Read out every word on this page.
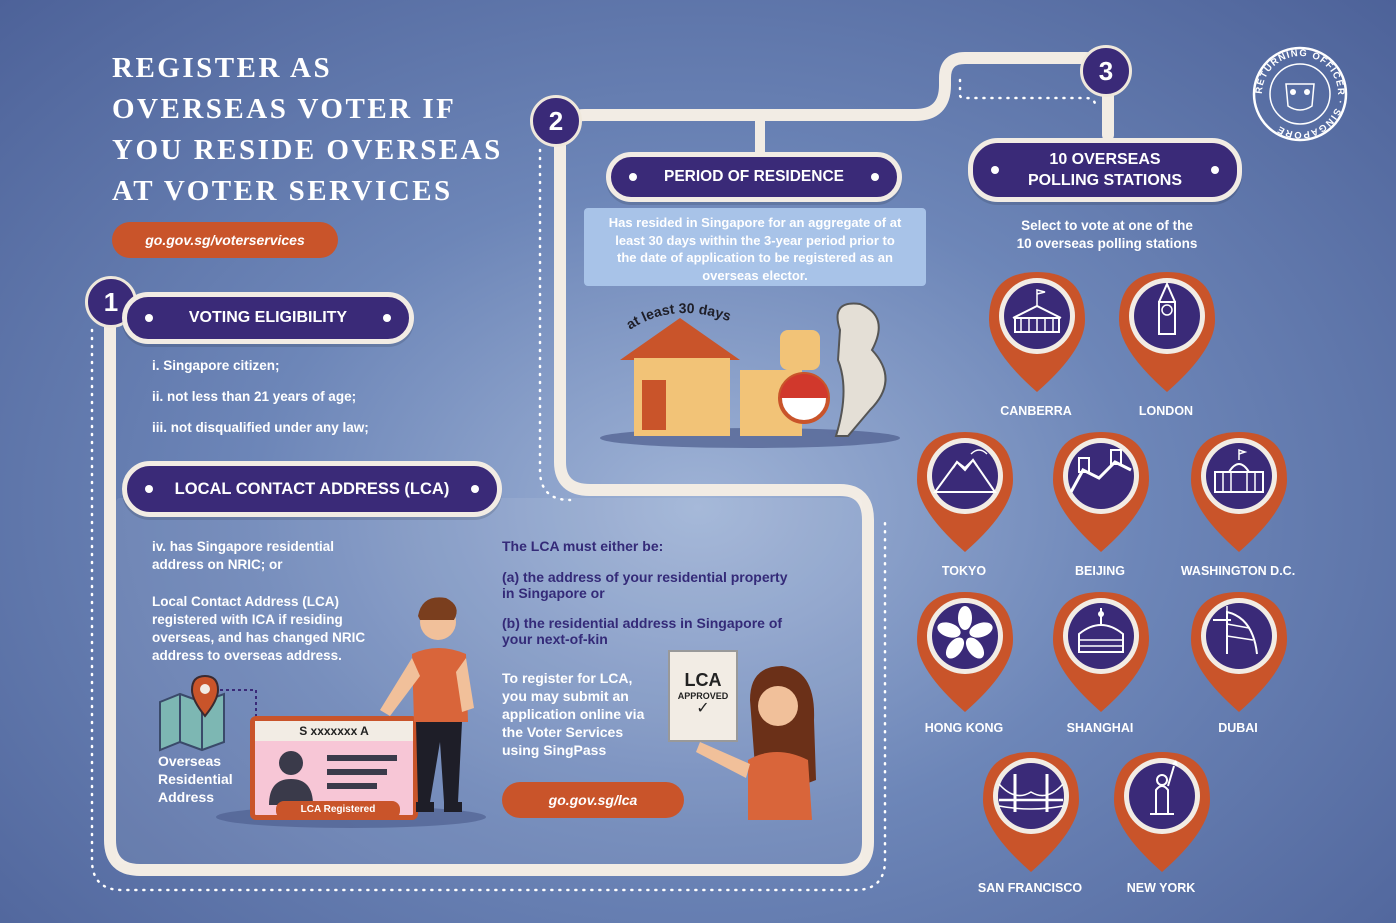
REGISTER AS
OVERSEAS VOTER IF
YOU RESIDE OVERSEAS
AT VOTER SERVICES
go.gov.sg/voterservices
RETURNING OFFICER · SINGAPORE
1
VOTING ELIGIBILITY
i. Singapore citizen;
ii. not less than 21 years of age;
iii. not disqualified under any law;
LOCAL CONTACT ADDRESS (LCA)
iv. has Singapore residential
address on NRIC; or
Local Contact Address (LCA)
registered with ICA if residing
overseas, and has changed NRIC
address to overseas address.
Overseas
Residential
Address
S xxxxxxx A
LCA Registered
The LCA must either be:
(a) the address of your residential property
in Singapore or
(b) the residential address in Singapore of
your next-of-kin
To register for LCA,
you may submit an
application online via
the Voter Services
using SingPass
go.gov.sg/lca
LCA
APPROVED
✓
2
PERIOD OF RESIDENCE
Has resided in Singapore for an aggregate of at
least 30 days within the 3-year period prior to
the date of application to be registered as an
overseas elector.
at least 30 days
3
10 OVERSEAS
POLLING STATIONS
Select to vote at one of the
10 overseas polling stations
CANBERRA	LONDON
TOKYO	BEIJING	WASHINGTON D.C.
HONG KONG	SHANGHAI	DUBAI
SAN FRANCISCO	NEW YORK
